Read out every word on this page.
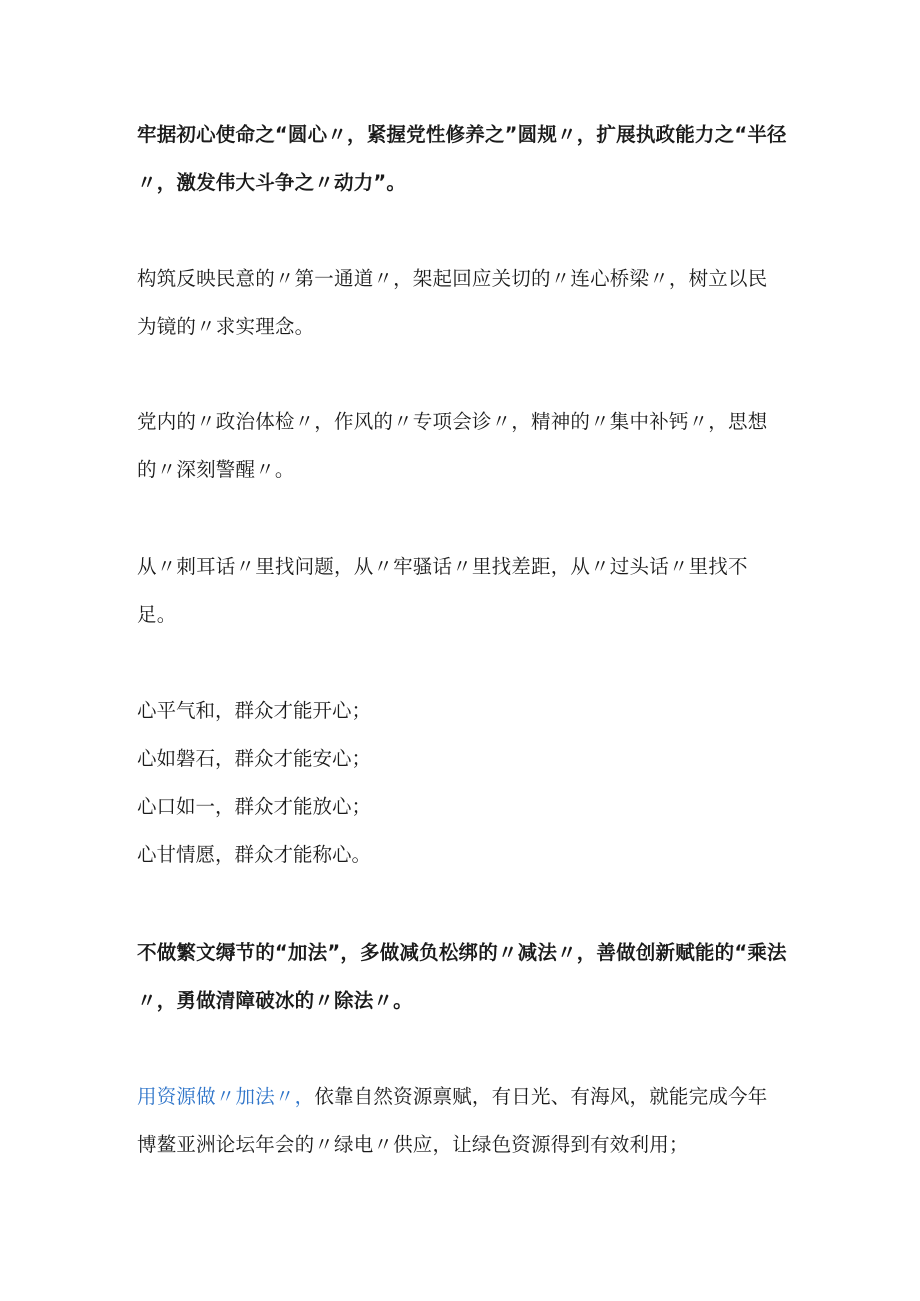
牢据初心使命之“圆心〃，紧握党性修养之”圆规〃，扩展执政能力之“半径〃，激发伟大斗争之〃动力”。

构筑反映民意的〃第一通道〃，架起回应关切的〃连心桥梁〃，树立以民为镜的〃求实理念。

党内的〃政治体检〃，作风的〃专项会诊〃，精神的〃集中补钙〃，思想的〃深刻警醒〃。

从〃刺耳话〃里找问题，从〃牢骚话〃里找差距，从〃过头话〃里找不足。

心平气和，群众才能开心；

心如磐石，群众才能安心；

心口如一，群众才能放心；

心甘情愿，群众才能称心。

不做繁文缛节的“加法”，多做减负松绑的〃减法〃，善做创新赋能的“乘法〃，勇做清障破冰的〃除法〃。

用资源做〃加法〃，依靠自然资源禀赋，有日光、有海风，就能完成今年博鳌亚洲论坛年会的〃绿电〃供应，让绿色资源得到有效利用；
